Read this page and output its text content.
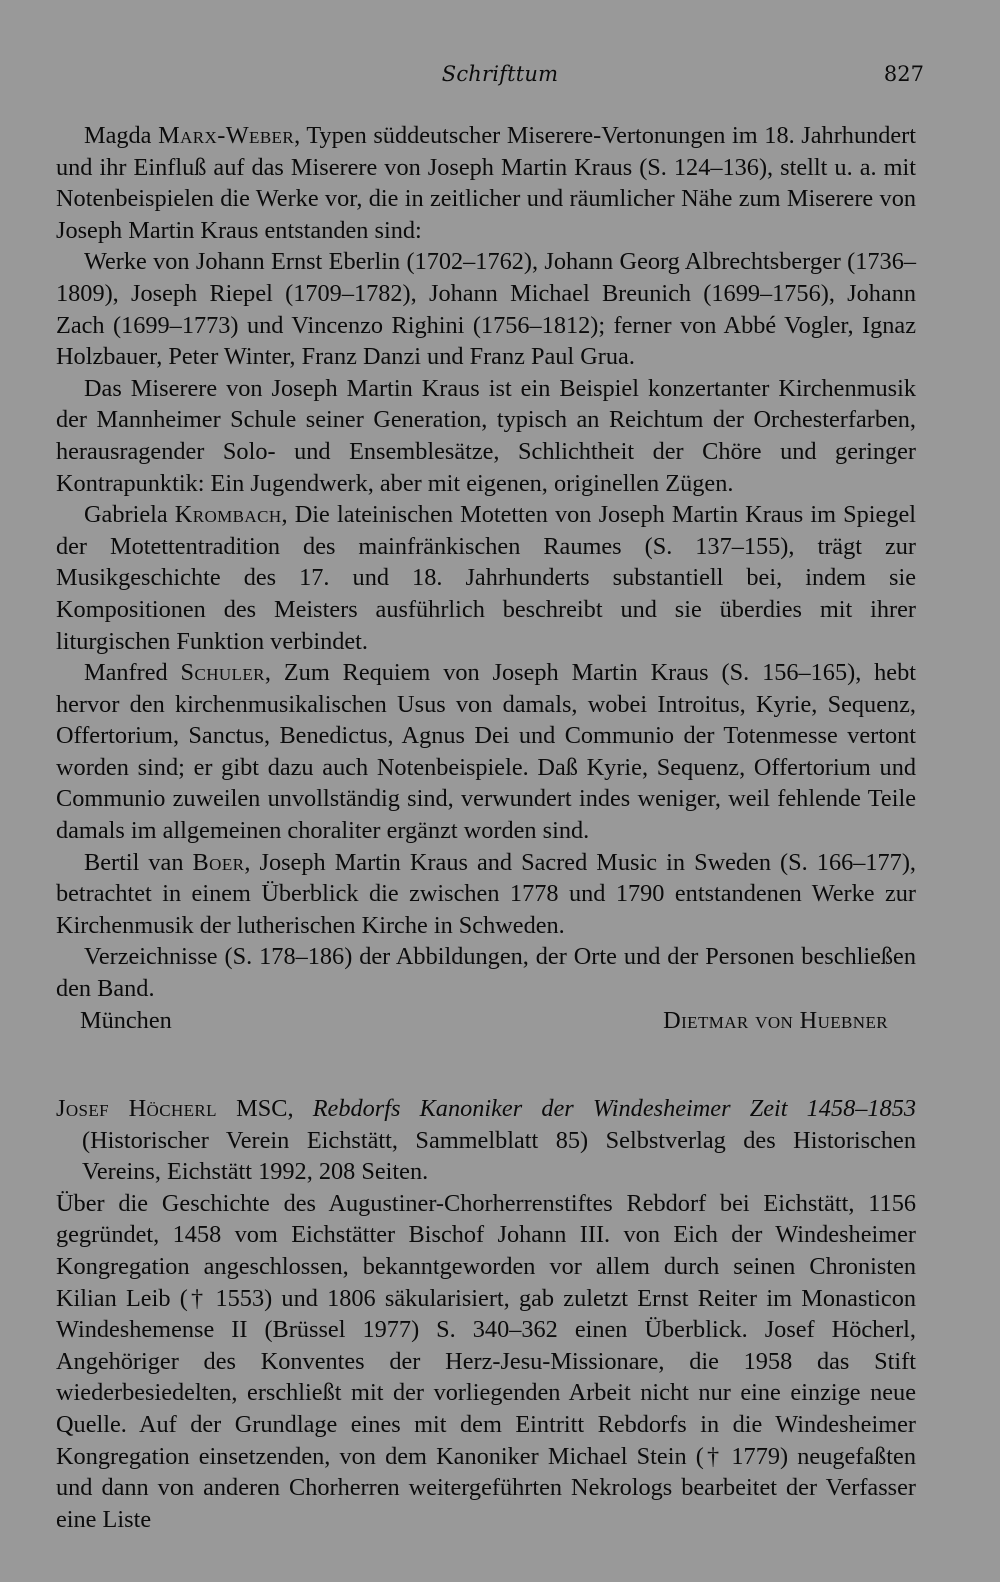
Schrifttum	827

Magda Marx-Weber, Typen süddeutscher Miserere-Vertonungen im 18. Jahrhundert und ihr Einfluß auf das Miserere von Joseph Martin Kraus (S. 124–136), stellt u. a. mit Notenbeispielen die Werke vor, die in zeitlicher und räumlicher Nähe zum Miserere von Joseph Martin Kraus entstanden sind:

Werke von Johann Ernst Eberlin (1702–1762), Johann Georg Albrechtsberger (1736–1809), Joseph Riepel (1709–1782), Johann Michael Breunich (1699–1756), Johann Zach (1699–1773) und Vincenzo Righini (1756–1812); ferner von Abbé Vogler, Ignaz Holzbauer, Peter Winter, Franz Danzi und Franz Paul Grua.

Das Miserere von Joseph Martin Kraus ist ein Beispiel konzertanter Kirchenmusik der Mannheimer Schule seiner Generation, typisch an Reichtum der Orchesterfarben, herausragender Solo- und Ensemblesätze, Schlichtheit der Chöre und geringer Kontrapunktik: Ein Jugendwerk, aber mit eigenen, originellen Zügen.

Gabriela Krombach, Die lateinischen Motetten von Joseph Martin Kraus im Spiegel der Motettentradition des mainfränkischen Raumes (S. 137–155), trägt zur Musikgeschichte des 17. und 18. Jahrhunderts substantiell bei, indem sie Kompositionen des Meisters ausführlich beschreibt und sie überdies mit ihrer liturgischen Funktion verbindet.

Manfred Schuler, Zum Requiem von Joseph Martin Kraus (S. 156–165), hebt hervor den kirchenmusikalischen Usus von damals, wobei Introitus, Kyrie, Sequenz, Offertorium, Sanctus, Benedictus, Agnus Dei und Communio der Totenmesse vertont worden sind; er gibt dazu auch Notenbeispiele. Daß Kyrie, Sequenz, Offertorium und Communio zuweilen unvollständig sind, verwundert indes weniger, weil fehlende Teile damals im allgemeinen choraliter ergänzt worden sind.

Bertil van Boer, Joseph Martin Kraus and Sacred Music in Sweden (S. 166–177), betrachtet in einem Überblick die zwischen 1778 und 1790 entstandenen Werke zur Kirchenmusik der lutherischen Kirche in Schweden.

Verzeichnisse (S. 178–186) der Abbildungen, der Orte und der Personen beschließen den Band.

München	Dietmar von Huebner

Josef Höcherl MSC, Rebdorfs Kanoniker der Windesheimer Zeit 1458–1853 (Historischer Verein Eichstätt, Sammelblatt 85) Selbstverlag des Historischen Vereins, Eichstätt 1992, 208 Seiten.

Über die Geschichte des Augustiner-Chorherrenstiftes Rebdorf bei Eichstätt, 1156 gegründet, 1458 vom Eichstätter Bischof Johann III. von Eich der Windesheimer Kongregation angeschlossen, bekanntgeworden vor allem durch seinen Chronisten Kilian Leib († 1553) und 1806 säkularisiert, gab zuletzt Ernst Reiter im Monasticon Windeshemense II (Brüssel 1977) S. 340–362 einen Überblick. Josef Höcherl, Angehöriger des Konventes der Herz-Jesu-Missionare, die 1958 das Stift wiederbesiedelten, erschließt mit der vorliegenden Arbeit nicht nur eine einzige neue Quelle. Auf der Grundlage eines mit dem Eintritt Rebdorfs in die Windesheimer Kongregation einsetzenden, von dem Kanoniker Michael Stein († 1779) neugefaßten und dann von anderen Chorherren weitergeführten Nekrologs bearbeitet der Verfasser eine Liste
